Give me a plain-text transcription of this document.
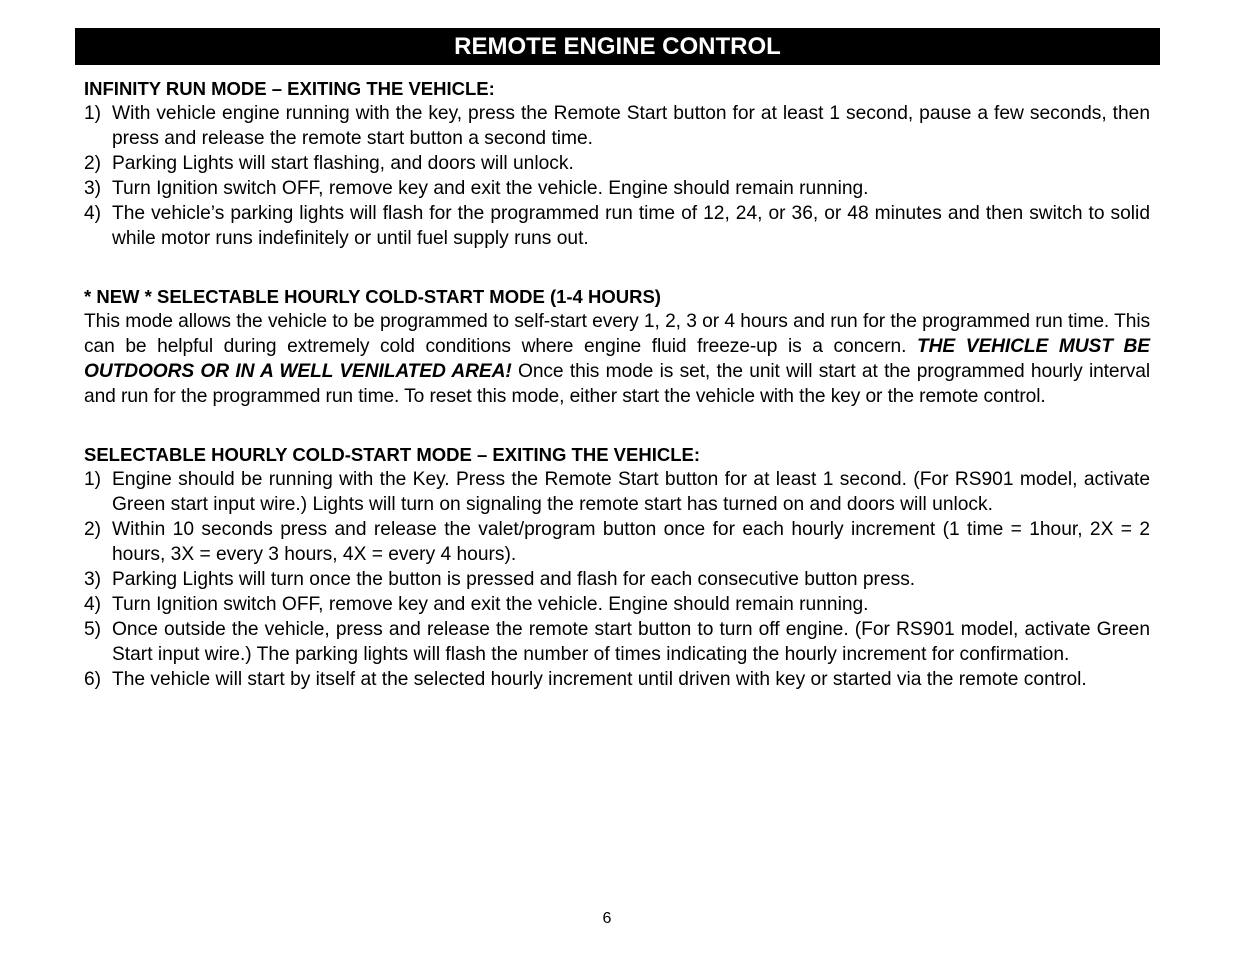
REMOTE ENGINE CONTROL
INFINITY RUN MODE – EXITING THE VEHICLE:
1) With vehicle engine running with the key, press the Remote Start button for at least 1 second, pause a few seconds, then press and release the remote start button a second time.
2) Parking Lights will start flashing, and doors will unlock.
3) Turn Ignition switch OFF, remove key and exit the vehicle. Engine should remain running.
4) The vehicle’s parking lights will flash for the programmed run time of 12, 24, or 36, or 48 minutes and then switch to solid while motor runs indefinitely or until fuel supply runs out.
* NEW * SELECTABLE HOURLY COLD-START MODE (1-4 HOURS)
This mode allows the vehicle to be programmed to self-start every 1, 2, 3 or 4 hours and run for the programmed run time. This can be helpful during extremely cold conditions where engine fluid freeze-up is a concern. THE VEHICLE MUST BE OUTDOORS OR IN A WELL VENILATED AREA! Once this mode is set, the unit will start at the programmed hourly interval and run for the programmed run time. To reset this mode, either start the vehicle with the key or the remote control.
SELECTABLE HOURLY COLD-START MODE – EXITING THE VEHICLE:
1) Engine should be running with the Key. Press the Remote Start button for at least 1 second. (For RS901 model, activate Green start input wire.) Lights will turn on signaling the remote start has turned on and doors will unlock.
2) Within 10 seconds press and release the valet/program button once for each hourly increment (1 time = 1hour, 2X = 2 hours, 3X = every 3 hours, 4X = every 4 hours).
3) Parking Lights will turn once the button is pressed and flash for each consecutive button press.
4) Turn Ignition switch OFF, remove key and exit the vehicle. Engine should remain running.
5) Once outside the vehicle, press and release the remote start button to turn off engine. (For RS901 model, activate Green Start input wire.) The parking lights will flash the number of times indicating the hourly increment for confirmation.
6) The vehicle will start by itself at the selected hourly increment until driven with key or started via the remote control.
6
